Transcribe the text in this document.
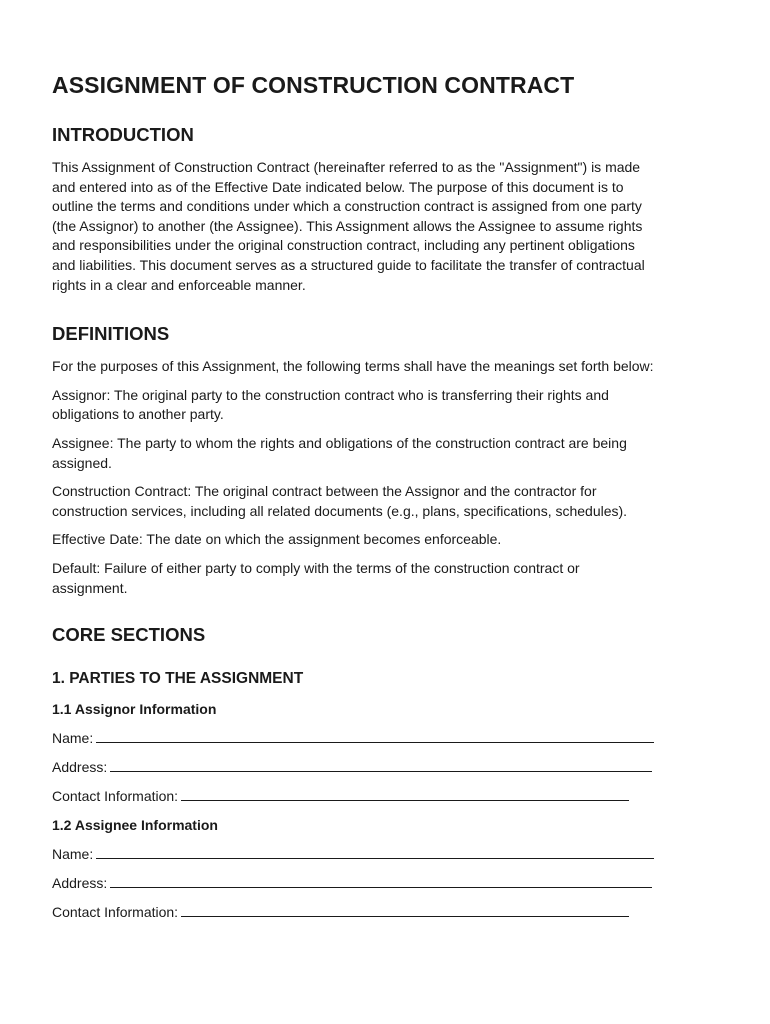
ASSIGNMENT OF CONSTRUCTION CONTRACT
INTRODUCTION

This Assignment of Construction Contract (hereinafter referred to as the "Assignment") is made
and entered into as of the Effective Date indicated below. The purpose of this document is to
outline the terms and conditions under which a construction contract is assigned from one party
(the Assignor) to another (the Assignee). This Assignment allows the Assignee to assume rights
and responsibilities under the original construction contract, including any pertinent obligations
and liabilities. This document serves as a structured guide to facilitate the transfer of contractual
rights in a clear and enforceable manner.

DEFINITIONS

For the purposes of this Assignment, the following terms shall have the meanings set forth below:

Assignor: The original party to the construction contract who is transferring their rights and
obligations to another party.

Assignee: The party to whom the rights and obligations of the construction contract are being
assigned.

Construction Contract: The original contract between the Assignor and the contractor for
construction services, including all related documents (e.g., plans, specifications, schedules).

Effective Date: The date on which the assignment becomes enforceable.

Default: Failure of either party to comply with the terms of the construction contract or
assignment.

CORE SECTIONS
1. PARTIES TO THE ASSIGNMENT
1.1 Assignor Information
Name:
Address:
Contact Information:
1.2 Assignee Information
Name:
Address:
Contact Information:
